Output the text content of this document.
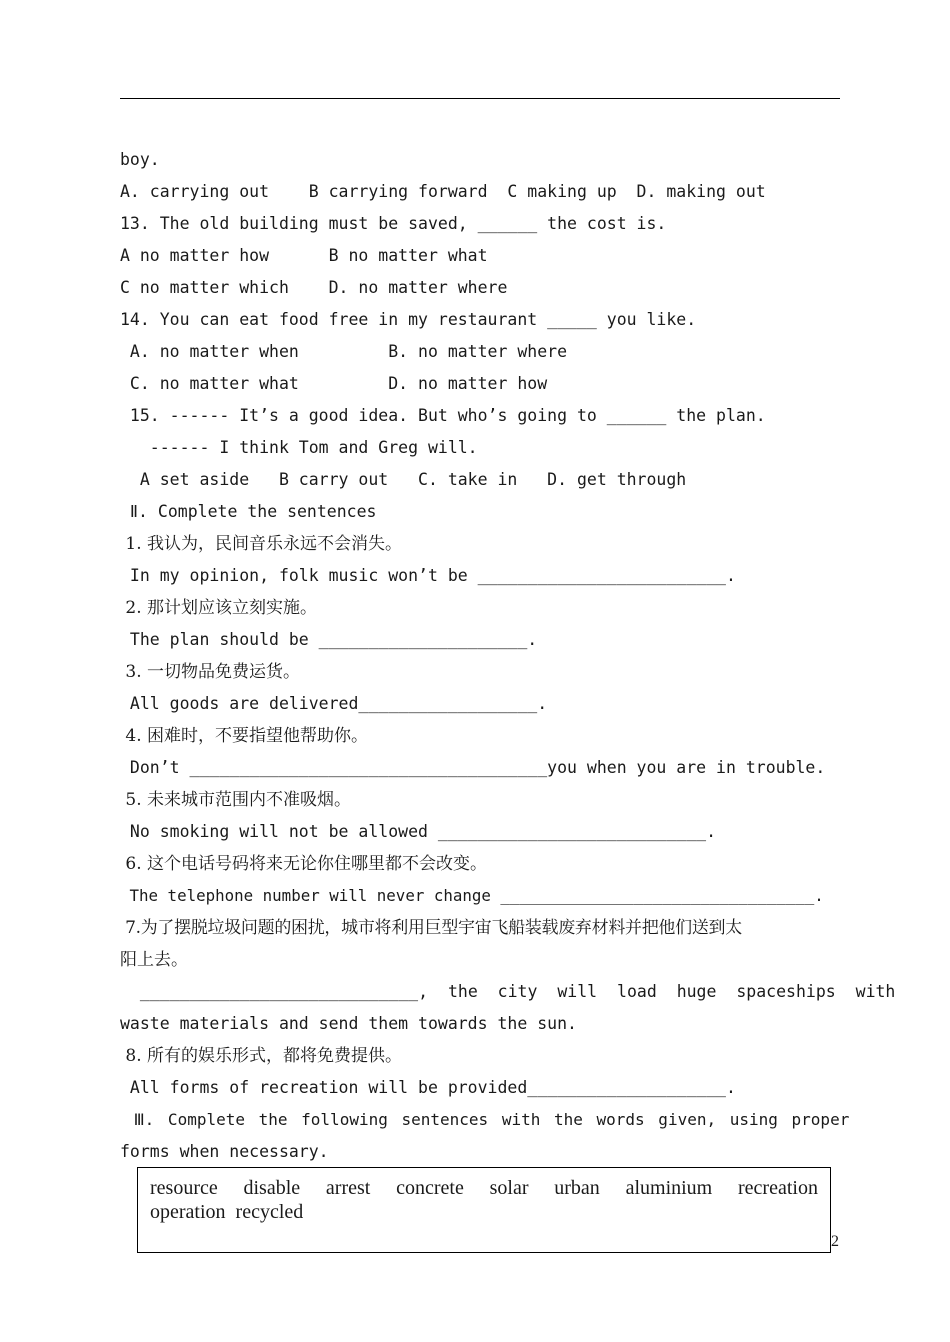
boy.
A. carrying out    B carrying forward  C making up  D. making out
13. The old building must be saved, ______ the cost is.
A no matter how      B no matter what
C no matter which    D. no matter where
14. You can eat food free in my restaurant _____ you like.
A. no matter when         B. no matter where
C. no matter what         D. no matter how
15. ------ It’s a good idea. But who’s going to ______ the plan.
------ I think Tom and Greg will.
A set aside   B carry out   C. take in   D. get through
Ⅱ. Complete the sentences
1. 我认为，民间音乐永远不会消失。
In my opinion, folk music won’t be _________________________.
2. 那计划应该立刻实施。
The plan should be _____________________.
3. 一切物品免费运货。
All goods are delivered__________________.
4. 困难时，不要指望他帮助你。
Don’t ____________________________________you when you are in trouble.
5. 未来城市范围内不准吸烟。
No smoking will not be allowed ___________________________.
6. 这个电话号码将来无论你住哪里都不会改变。
The telephone number will never change _________________________________.
7.为了摆脱垃圾问题的困扰，城市将利用巨型宇宙飞船装载废弃材料并把他们送到太
阳上去。
____________________________, the city will load huge spaceships with
waste materials and send them towards the sun.
8. 所有的娱乐形式，都将免费提供。
All forms of recreation will be provided____________________.
Ⅲ. Complete the following sentences with the words given, using proper
forms when necessary.
resource disable arrest concrete solar urban aluminium recreation
operation  recycled
2
